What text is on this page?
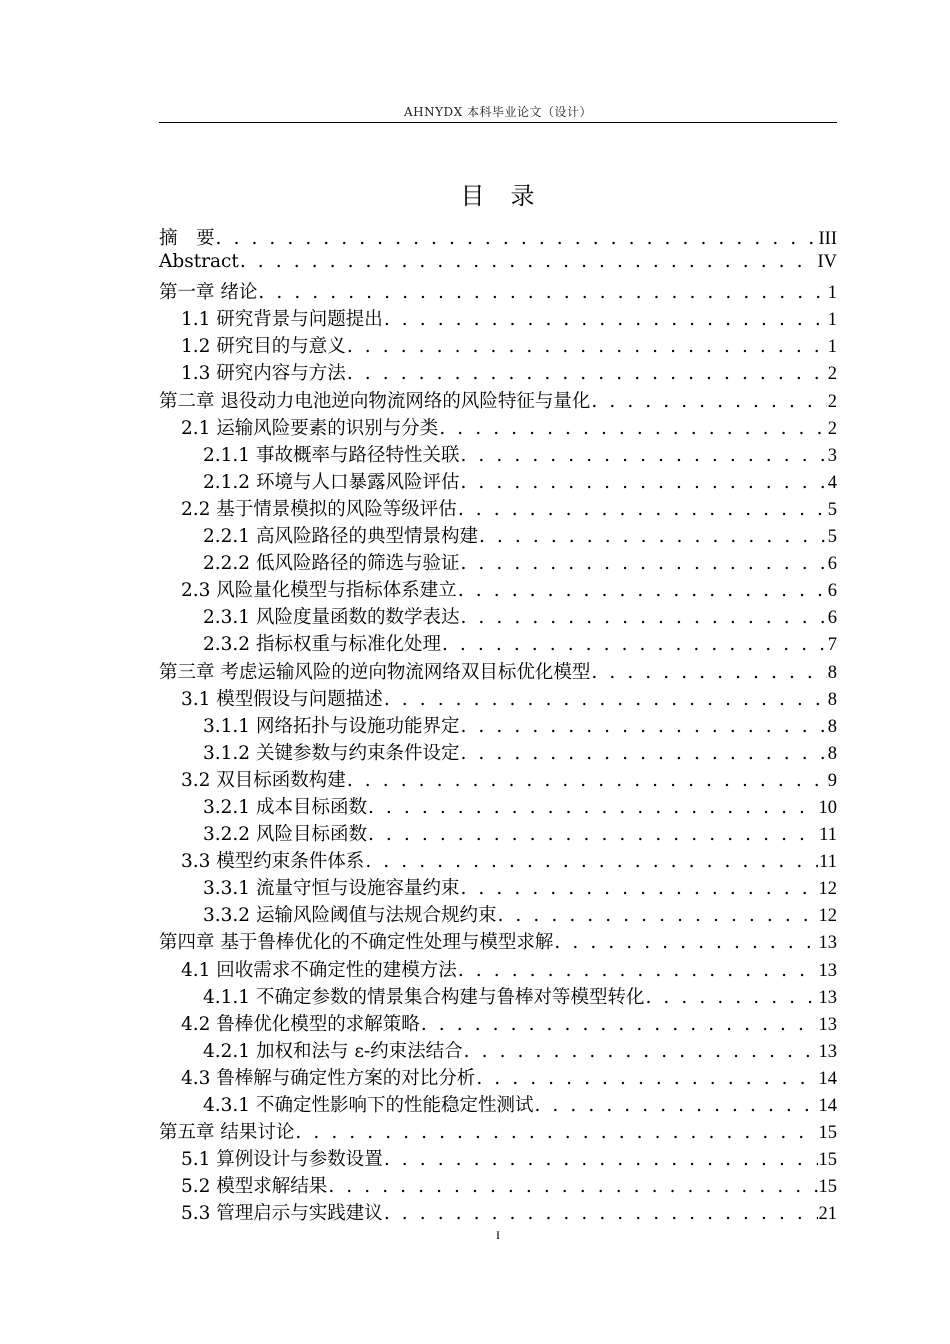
AHNYDX 本科毕业论文（设计）
目　录
摘　要 . . .	III
Abstract . . .	IV
第一章 绪论 . . .	1
1.1 研究背景与问题提出 . . .	1
1.2 研究目的与意义 . . .	1
1.3 研究内容与方法 . . .	2
第二章 退役动力电池逆向物流网络的风险特征与量化 . . .	2
2.1 运输风险要素的识别与分类 . . .	2
2.1.1 事故概率与路径特性关联 . . .	3
2.1.2 环境与人口暴露风险评估 . . .	4
2.2 基于情景模拟的风险等级评估 . . .	5
2.2.1 高风险路径的典型情景构建 . . .	5
2.2.2 低风险路径的筛选与验证 . . .	6
2.3 风险量化模型与指标体系建立 . . .	6
2.3.1 风险度量函数的数学表达 . . .	6
2.3.2 指标权重与标准化处理 . . .	7
第三章 考虑运输风险的逆向物流网络双目标优化模型 . . .	8
3.1 模型假设与问题描述 . . .	8
3.1.1 网络拓扑与设施功能界定 . . .	8
3.1.2 关键参数与约束条件设定 . . .	8
3.2 双目标函数构建 . . .	9
3.2.1 成本目标函数 . . .	10
3.2.2 风险目标函数 . . .	11
3.3 模型约束条件体系 . . .	11
3.3.1 流量守恒与设施容量约束 . . .	12
3.3.2 运输风险阈值与法规合规约束 . . .	12
第四章 基于鲁棒优化的不确定性处理与模型求解 . . .	13
4.1 回收需求不确定性的建模方法 . . .	13
4.1.1 不确定参数的情景集合构建与鲁棒对等模型转化 . . .	13
4.2 鲁棒优化模型的求解策略 . . .	13
4.2.1 加权和法与 ε-约束法结合 . . .	13
4.3 鲁棒解与确定性方案的对比分析 . . .	14
4.3.1 不确定性影响下的性能稳定性测试 . . .	14
第五章 结果讨论 . . .	15
5.1 算例设计与参数设置 . . .	15
5.2 模型求解结果 . . .	15
5.3 管理启示与实践建议 . . .	21
I
